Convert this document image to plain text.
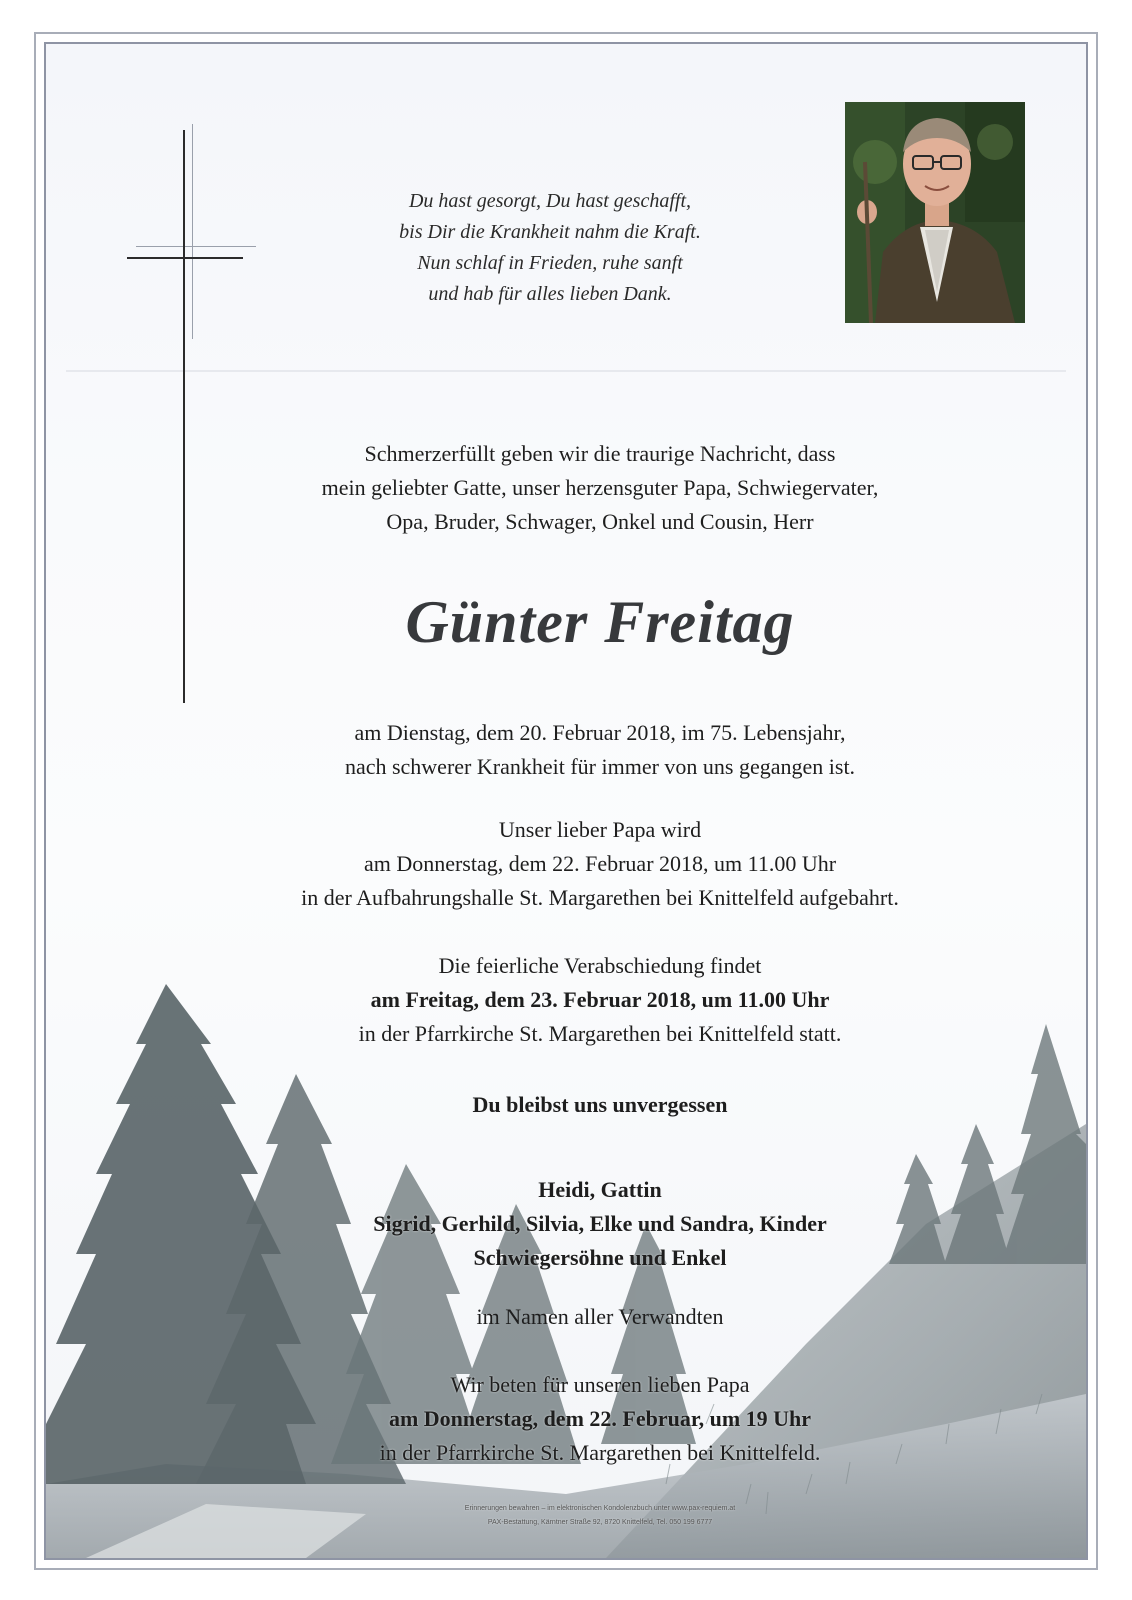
Du hast gesorgt, Du hast geschafft,
bis Dir die Krankheit nahm die Kraft.
Nun schlaf in Frieden, ruhe sanft
und hab für alles lieben Dank.
Schmerzerfüllt geben wir die traurige Nachricht, dass
mein geliebter Gatte, unser herzensguter Papa, Schwiegervater,
Opa, Bruder, Schwager, Onkel und Cousin, Herr
Günter Freitag
am Dienstag, dem 20. Februar 2018, im 75. Lebensjahr,
nach schwerer Krankheit für immer von uns gegangen ist.
Unser lieber Papa wird
am Donnerstag, dem 22. Februar 2018, um 11.00 Uhr
in der Aufbahrungshalle St. Margarethen bei Knittelfeld aufgebahrt.
Die feierliche Verabschiedung findet
am Freitag, dem 23. Februar 2018, um 11.00 Uhr
in der Pfarrkirche St. Margarethen bei Knittelfeld statt.
Du bleibst uns unvergessen
Heidi, Gattin
Sigrid, Gerhild, Silvia, Elke und Sandra, Kinder
Schwiegersöhne und Enkel
im Namen aller Verwandten
Wir beten für unseren lieben Papa
am Donnerstag, dem 22. Februar, um 19 Uhr
in der Pfarrkirche St. Margarethen bei Knittelfeld.
Erinnerungen bewahren – im elektronischen Kondolenzbuch unter www.pax-requiem.at
PAX-Bestattung, Kärntner Straße 92, 8720 Knittelfeld, Tel. 050 199 6777
